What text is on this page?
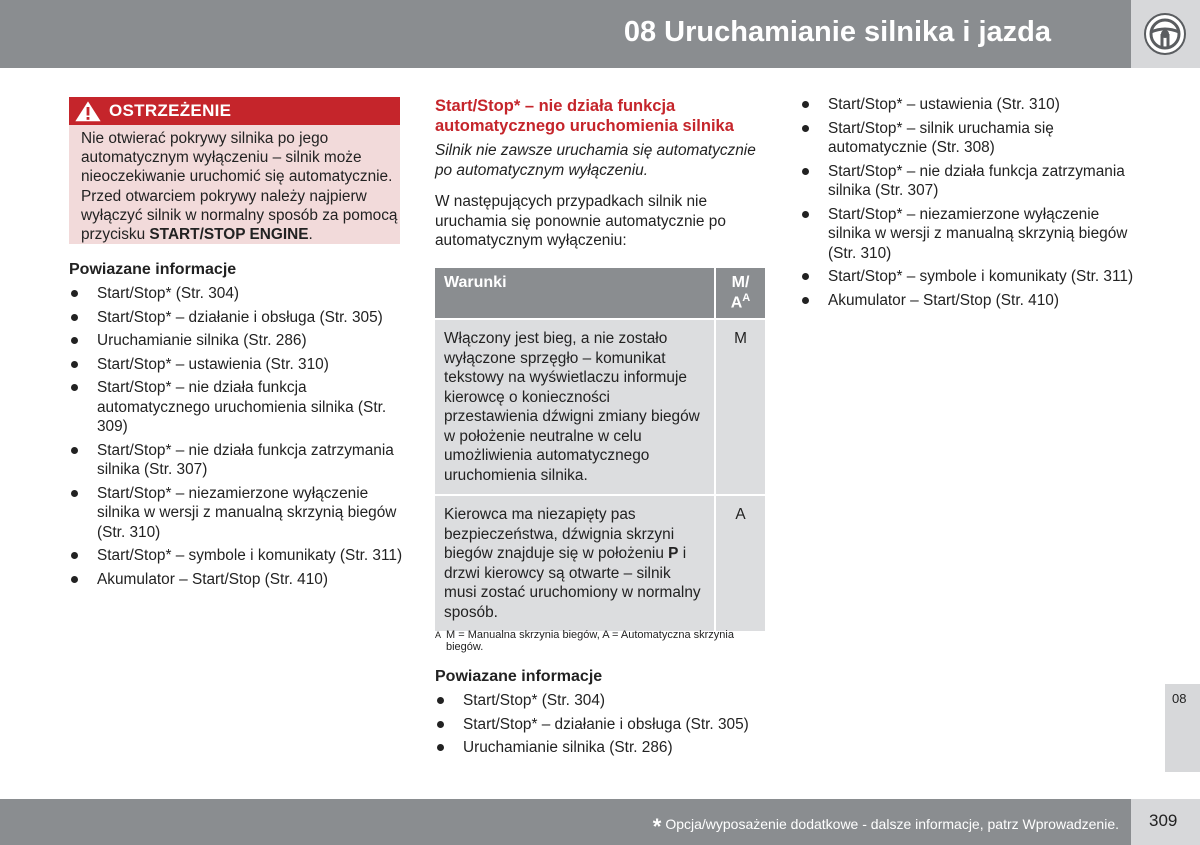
08 Uruchamianie silnika i jazda
OSTRZEŻENIE
Nie otwierać pokrywy silnika po jego automatycznym wyłączeniu – silnik może nieoczekiwanie uruchomić się automatycznie. Przed otwarciem pokrywy należy najpierw wyłączyć silnik w normalny sposób za pomocą przycisku START/STOP ENGINE.
Powiazane informacje
Start/Stop* (Str. 304)
Start/Stop* – działanie i obsługa (Str. 305)
Uruchamianie silnika (Str. 286)
Start/Stop* – ustawienia (Str. 310)
Start/Stop* – nie działa funkcja automatycznego uruchomienia silnika (Str. 309)
Start/Stop* – nie działa funkcja zatrzymania silnika (Str. 307)
Start/Stop* – niezamierzone wyłączenie silnika w wersji z manualną skrzynią biegów (Str. 310)
Start/Stop* – symbole i komunikaty (Str. 311)
Akumulator – Start/Stop (Str. 410)
Start/Stop* – nie działa funkcja automatycznego uruchomienia silnika
Silnik nie zawsze uruchamia się automatycznie po automatycznym wyłączeniu.
W następujących przypadkach silnik nie uruchamia się ponownie automatycznie po automatycznym wyłączeniu:
Warunki	M/
$A^A$
Włączony jest bieg, a nie zostało wyłączone sprzęgło – komunikat tekstowy na wyświetlaczu informuje kierowcę o konieczności przestawienia dźwigni zmiany biegów w położenie neutralne w celu umożliwienia automatycznego uruchomienia silnika.	M
Kierowca ma niezapięty pas bezpieczeństwa, dźwignia skrzyni biegów znajduje się w położeniu P i drzwi kierowcy są otwarte – silnik musi zostać uruchomiony w normalny sposób.	A
A M = Manualna skrzynia biegów, A = Automatyczna skrzynia biegów.
Powiazane informacje
Start/Stop* (Str. 304)
Start/Stop* – działanie i obsługa (Str. 305)
Uruchamianie silnika (Str. 286)
Start/Stop* – ustawienia (Str. 310)
Start/Stop* – silnik uruchamia się automatycznie (Str. 308)
Start/Stop* – nie działa funkcja zatrzymania silnika (Str. 307)
Start/Stop* – niezamierzone wyłączenie silnika w wersji z manualną skrzynią biegów (Str. 310)
Start/Stop* – symbole i komunikaty (Str. 311)
Akumulator – Start/Stop (Str. 410)
08
* Opcja/wyposażenie dodatkowe - dalsze informacje, patrz Wprowadzenie. 309
